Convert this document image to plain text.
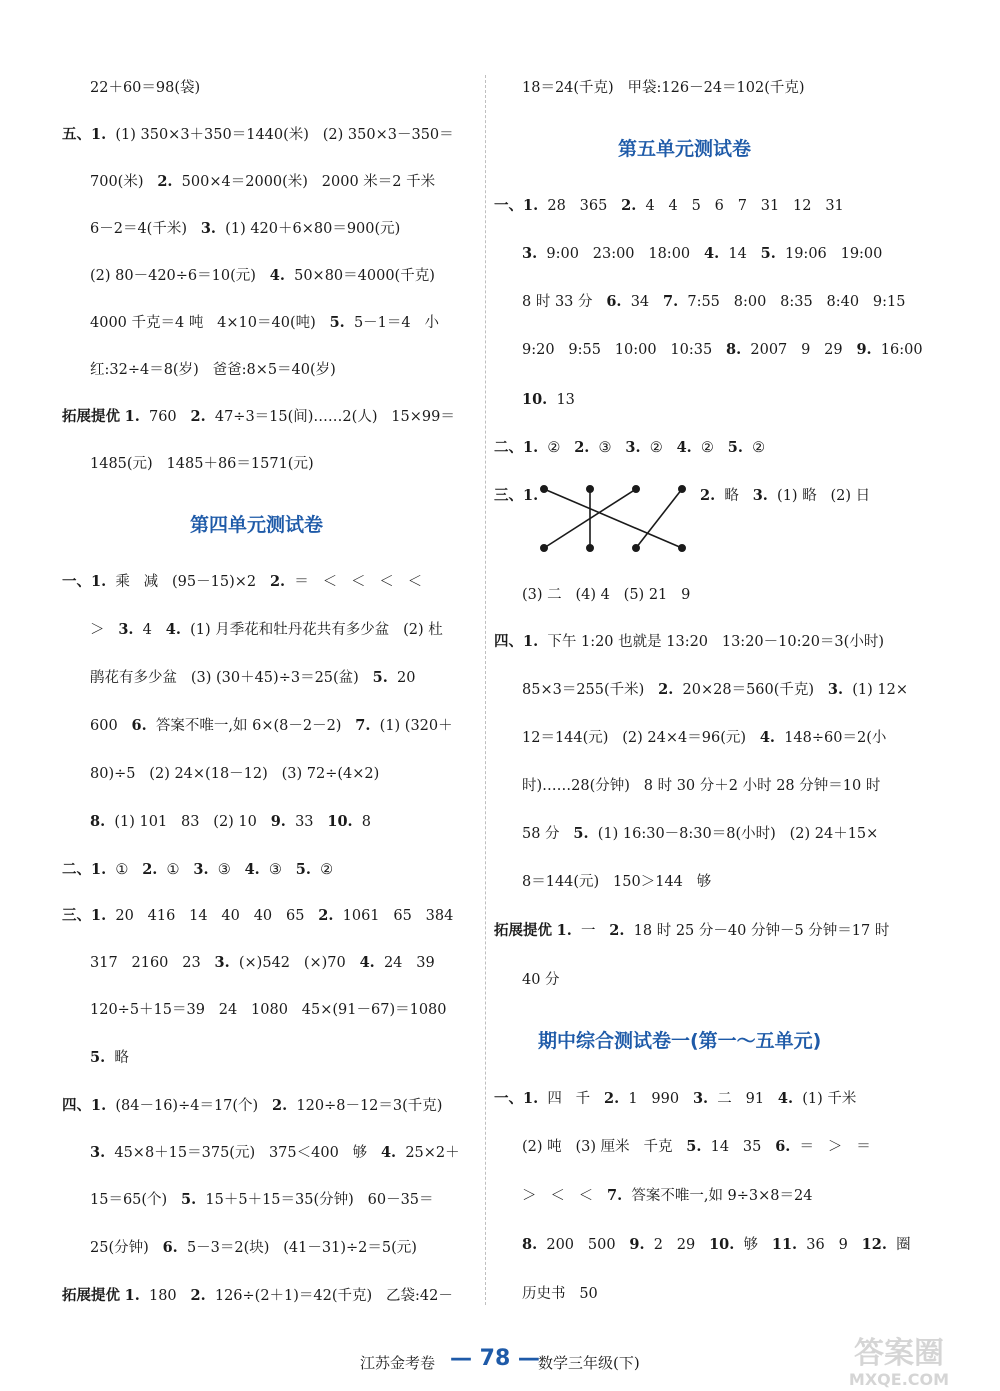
22＋60＝98(袋)
五、1.  (1) 350×3＋350＝1440(米)   (2) 350×3－350＝
700(米)   2.  500×4＝2000(米)   2000 米＝2 千米
6－2＝4(千米)   3.  (1) 420＋6×80＝900(元)
(2) 80－420÷6＝10(元)   4.  50×80＝4000(千克)
4000 千克＝4 吨   4×10＝40(吨)   5.  5－1＝4   小
红:32÷4＝8(岁)   爸爸:8×5＝40(岁)
拓展提优 1.  760   2.  47÷3＝15(间)……2(人)   15×99＝
1485(元)   1485＋86＝1571(元)
一、1.  乘   减   (95－15)×2   2.  ＝   ＜   ＜   ＜   ＜
＞   3.  4   4.  (1) 月季花和牡丹花共有多少盆   (2) 杜
鹃花有多少盆   (3) (30＋45)÷3＝25(盆)   5.  20
600   6.  答案不唯一,如 6×(8－2－2)   7.  (1) (320＋
80)÷5   (2) 24×(18－12)   (3) 72÷(4×2)
8.  (1) 101   83   (2) 10   9.  33   10.  8
二、1.  ①   2.  ①   3.  ③   4.  ③   5.  ②
三、1.  20   416   14   40   40   65   2.  1061   65   384
317   2160   23   3.  (×)542   (×)70   4.  24   39
120÷5＋15＝39   24   1080   45×(91－67)＝1080
5.  略
四、1.  (84－16)÷4＝17(个)   2.  120÷8－12＝3(千克)
3.  45×8＋15＝375(元)   375＜400   够   4.  25×2＋
15＝65(个)   5.  15＋5＋15＝35(分钟)   60－35＝
25(分钟)   6.  5－3＝2(块)   (41－31)÷2＝5(元)
拓展提优 1.  180   2.  126÷(2＋1)＝42(千克)   乙袋:42－
18＝24(千克)   甲袋:126－24＝102(千克)
一、1.  28   365   2.  4   4   5   6   7   31   12   31
3.  9:00   23:00   18:00   4.  14   5.  19:06   19:00
8 时 33 分   6.  34   7.  7:55   8:00   8:35   8:40   9:15
9:20   9:55   10:00   10:35   8.  2007   9   29   9.  16:00
10.  13
二、1.  ②   2.  ③   3.  ②   4.  ②   5.  ②
三、1.	2.  略   3.  (1) 略   (2) 日
(3) 二   (4) 4   (5) 21   9
四、1.  下午 1:20 也就是 13:20   13:20－10:20＝3(小时)
85×3＝255(千米)   2.  20×28＝560(千克)   3.  (1) 12×
12＝144(元)   (2) 24×4＝96(元)   4.  148÷60＝2(小
时)……28(分钟)   8 时 30 分＋2 小时 28 分钟＝10 时
58 分   5.  (1) 16:30－8:30＝8(小时)   (2) 24＋15×
8＝144(元)   150＞144   够
拓展提优 1.  一   2.  18 时 25 分－40 分钟－5 分钟＝17 时
40 分
一、1.  四   千   2.  1   990   3.  二   91   4.  (1) 千米
(2) 吨   (3) 厘米   千克   5.  14   35   6.  ＝   ＞   ＝
＞   ＜   ＜   7.  答案不唯一,如 9÷3×8＝24
8.  200   500   9.  2   29   10.  够   11.  36   9   12.  圈
历史书   50
第四单元测试卷
第五单元测试卷
期中综合测试卷一(第一～五单元)
江苏金考卷 — 78 —
数学三年级(下)	答案圈
MXQE.COM
